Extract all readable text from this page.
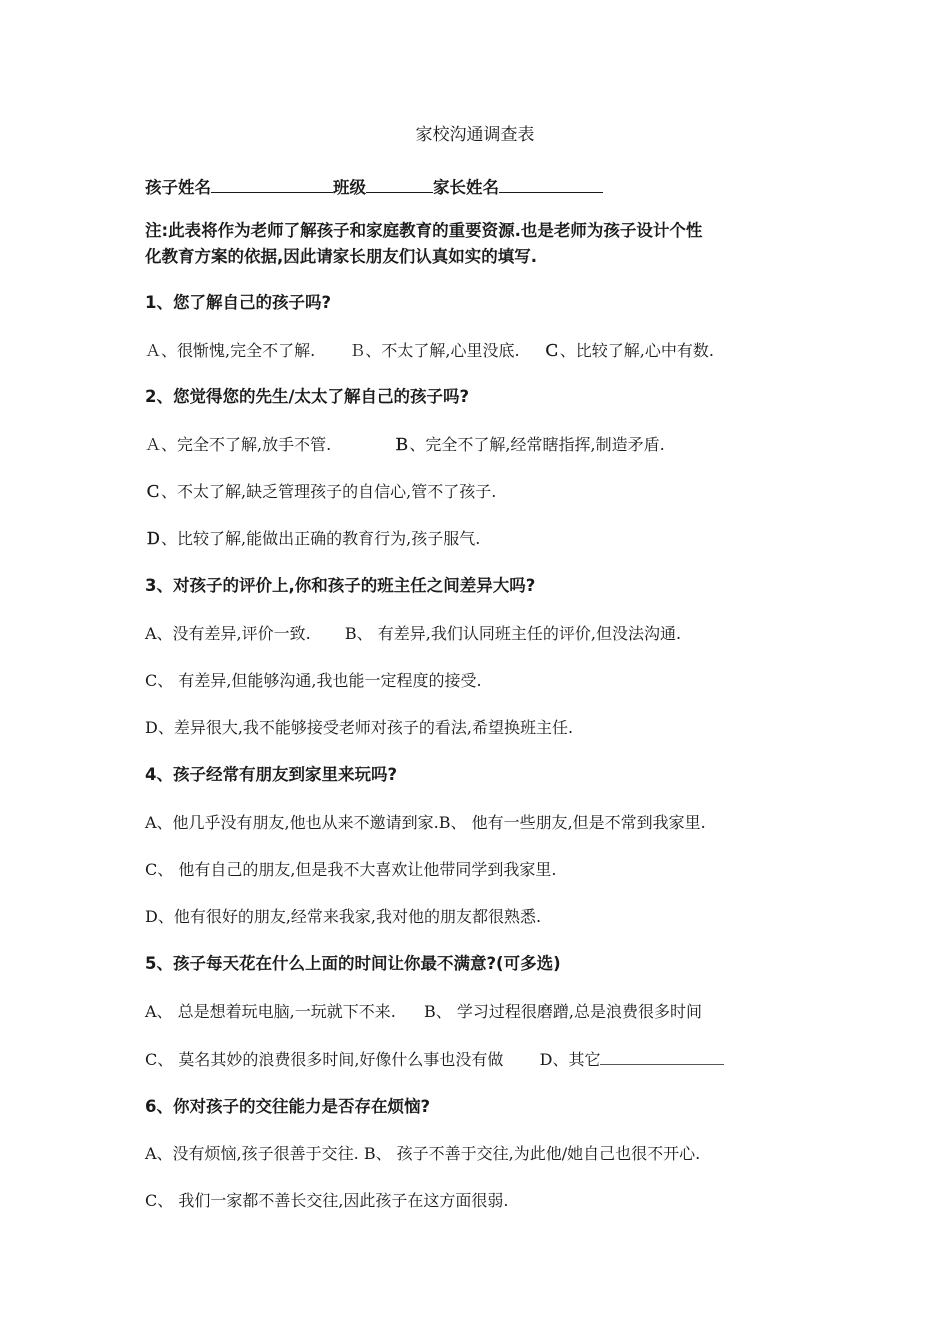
家校沟通调查表
孩子姓名	班级	家长姓名
注:此表将作为老师了解孩子和家庭教育的重要资源.也是老师为孩子设计个性
化教育方案的依据,因此请家长朋友们认真如实的填写.
1、您了解自己的孩子吗?
Ａ、很惭愧,完全不了解. Ｂ、不太了解,心里没底. Ｃ、比较了解,心中有数.
2、您觉得您的先生/太太了解自己的孩子吗?
Ａ、完全不了解,放手不管.	Ｂ、完全不了解,经常瞎指挥,制造矛盾.
Ｃ、不太了解,缺乏管理孩子的自信心,管不了孩子.
Ｄ、比较了解,能做出正确的教育行为,孩子服气.
3、对孩子的评价上,你和孩子的班主任之间差异大吗?
A、没有差异,评价一致. B、 有差异,我们认同班主任的评价,但没法沟通.
C、 有差异,但能够沟通,我也能一定程度的接受.
D、差异很大,我不能够接受老师对孩子的看法,希望换班主任.
4、孩子经常有朋友到家里来玩吗?
A、他几乎没有朋友,他也从来不邀请到家.B、 他有一些朋友,但是不常到我家里.
C、 他有自己的朋友,但是我不大喜欢让他带同学到我家里.
D、他有很好的朋友,经常来我家,我对他的朋友都很熟悉.
5、孩子每天花在什么上面的时间让你最不满意?(可多选)
A、 总是想着玩电脑,一玩就下不来. B、 学习过程很磨蹭,总是浪费很多时间
C、 莫名其妙的浪费很多时间,好像什么事也没有做 D、其它
6、你对孩子的交往能力是否存在烦恼?
A、没有烦恼,孩子很善于交往. B、 孩子不善于交往,为此他/她自己也很不开心.
C、 我们一家都不善长交往,因此孩子在这方面很弱.
